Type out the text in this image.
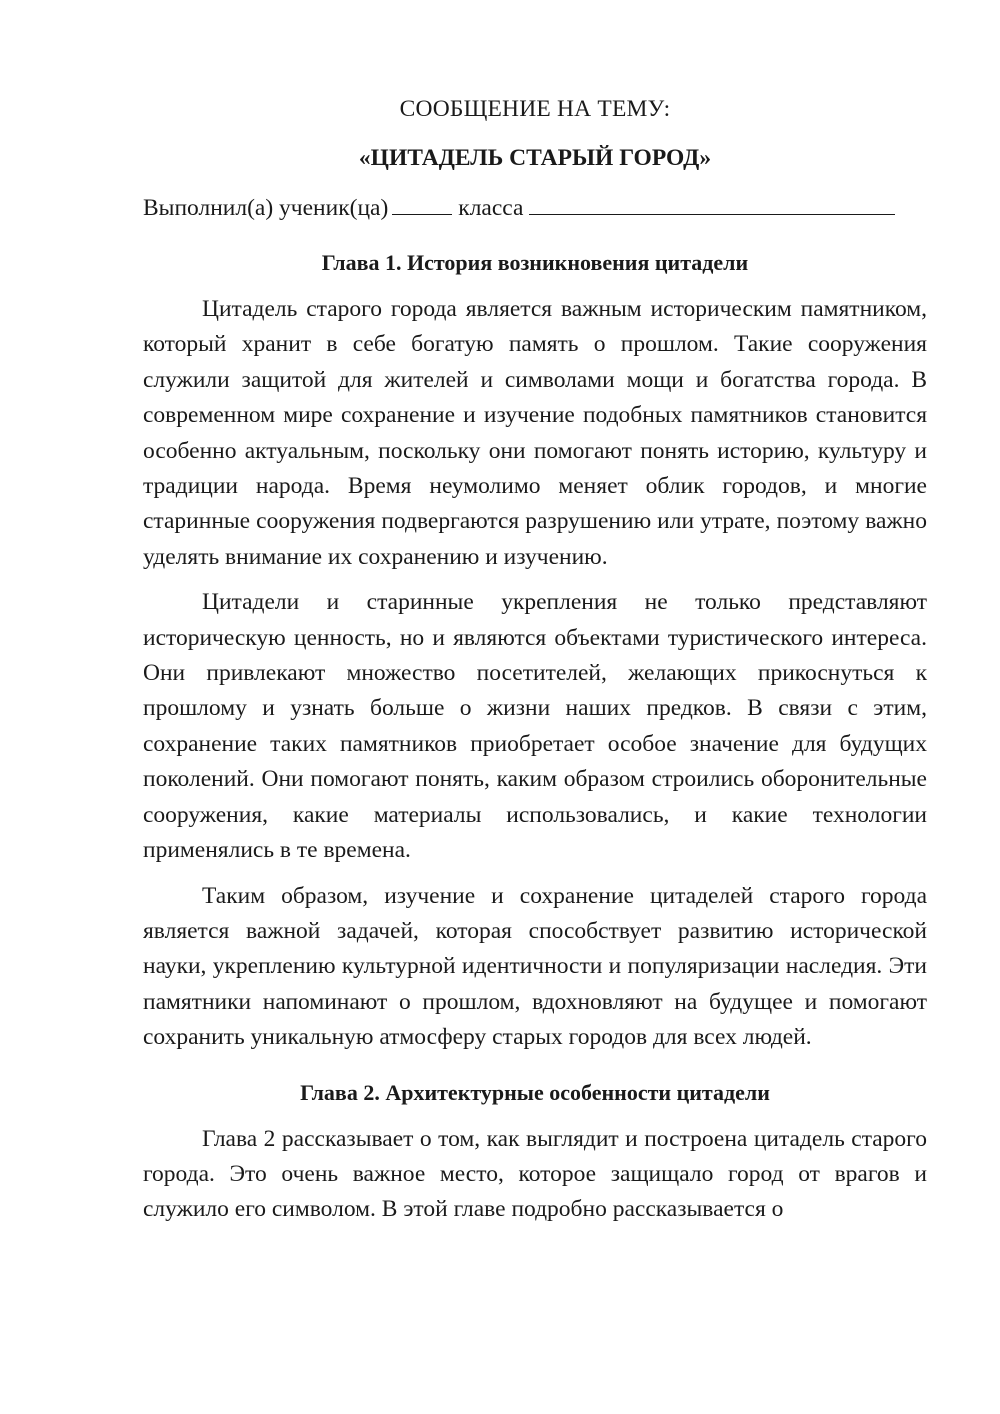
СООБЩЕНИЕ НА ТЕМУ:

«ЦИТАДЕЛЬ СТАРЫЙ ГОРОД»

Выполнил(а) ученик(ца)	класса

Глава 1. История возникновения цитадели

Цитадель старого города является важным историческим памятником, который хранит в себе богатую память о прошлом. Такие сооружения служили защитой для жителей и символами мощи и богатства города. В современном мире сохранение и изучение подобных памятников становится особенно актуальным, поскольку они помогают понять историю, культуру и традиции народа. Время неумолимо меняет облик городов, и многие старинные сооружения подвергаются разрушению или утрате, поэтому важно уделять внимание их сохранению и изучению.

Цитадели и старинные укрепления не только представляют историческую ценность, но и являются объектами туристического интереса. Они привлекают множество посетителей, желающих прикоснуться к прошлому и узнать больше о жизни наших предков. В связи с этим, сохранение таких памятников приобретает особое значение для будущих поколений. Они помогают понять, каким образом строились оборонительные сооружения, какие материалы использовались, и какие технологии применялись в те времена.

Таким образом, изучение и сохранение цитаделей старого города является важной задачей, которая способствует развитию исторической науки, укреплению культурной идентичности и популяризации наследия. Эти памятники напоминают о прошлом, вдохновляют на будущее и помогают сохранить уникальную атмосферу старых городов для всех людей.

Глава 2. Архитектурные особенности цитадели

Глава 2 рассказывает о том, как выглядит и построена цитадель старого города. Это очень важное место, которое защищало город от врагов и служило его символом. В этой главе подробно рассказывается о
